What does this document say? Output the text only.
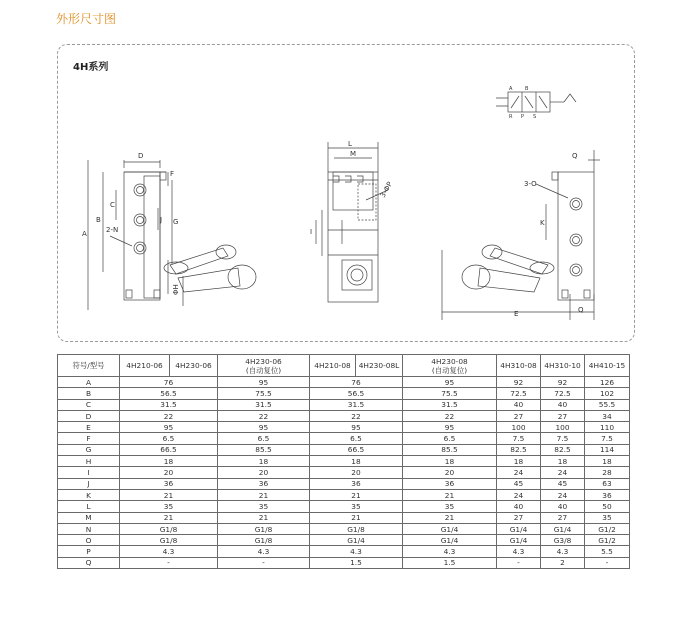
外形尺寸图
4H系列
D
A
B
C
F
G
J
2-N
ΦH
L
M
I
3-ΦP
Q
3-O
K
E	Q
A	B
R P S
符号/型号	4H210-06	4H230-06	4H230-06
(自动复位)	4H210-08	4H230-08L	4H230-08
(自动复位)	4H310-08	4H310-10	4H410-15
A	76		95	76		95	92	92	126
B	56.5		75.5	56.5		75.5	72.5	72.5	102
C	31.5		31.5	31.5		31.5	40	40	55.5
D	22		22	22		22	27	27	34
E	95		95	95		95	100	100	110
F	6.5		6.5	6.5		6.5	7.5	7.5	7.5
G	66.5		85.5	66.5		85.5	82.5	82.5	114
H	18		18	18		18	18	18	18
I	20		20	20		20	24	24	28
J	36		36	36		36	45	45	63
K	21		21	21		21	24	24	36
L	35		35	35		35	40	40	50
M	21		21	21		21	27	27	35
N	G1/8		G1/8	G1/8		G1/4	G1/4	G1/4	G1/2
O	G1/8		G1/8	G1/4		G1/4	G1/4	G3/8	G1/2
P	4.3		4.3	4.3		4.3	4.3	4.3	5.5
Q	-		-	1.5		1.5	-	2	-
